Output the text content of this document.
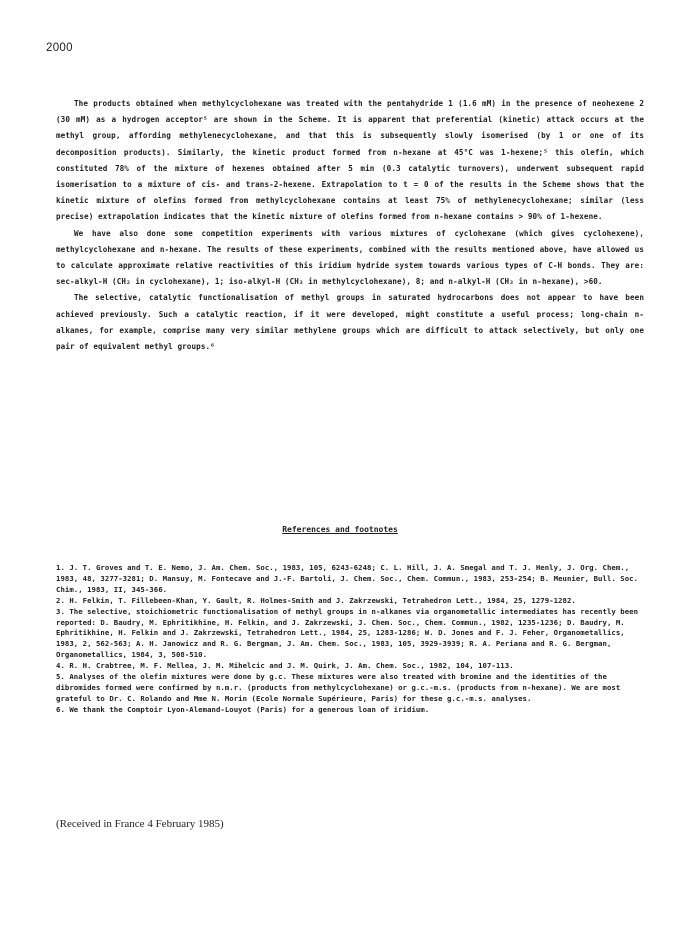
2000

The products obtained when methylcyclohexane was treated with the pentahydride 1 (1.6 mM) in the presence of neohexene 2 (30 mM) as a hydrogen acceptor⁵ are shown in the Scheme. It is apparent that preferential (kinetic) attack occurs at the methyl group, affording methylenecyclohexane, and that this is subsequently slowly isomerised (by 1 or one of its decomposition products). Similarly, the kinetic product formed from n-hexane at 45°C was 1-hexene;⁵ this olefin, which constituted 78% of the mixture of hexenes obtained after 5 min (0.3 catalytic turnovers), underwent subsequent rapid isomerisation to a mixture of cis- and trans-2-hexene. Extrapolation to t = 0 of the results in the Scheme shows that the kinetic mixture of olefins formed from methylcyclohexane contains at least 75% of methylenecyclohexane; similar (less precise) extrapolation indicates that the kinetic mixture of olefins formed from n-hexane contains > 90% of 1-hexene.

We have also done some competition experiments with various mixtures of cyclohexane (which gives cyclohexene), methylcyclohexane and n-hexane. The results of these experiments, combined with the results mentioned above, have allowed us to calculate approximate relative reactivities of this iridium hydride system towards various types of C-H bonds. They are: sec-alkyl-H (CH₂ in cyclohexane), 1; iso-alkyl-H (CH₃ in methylcyclohexane), 8; and n-alkyl-H (CH₃ in n-hexane), >60.

The selective, catalytic functionalisation of methyl groups in saturated hydrocarbons does not appear to have been achieved previously. Such a catalytic reaction, if it were developed, might constitute a useful process; long-chain n-alkanes, for example, comprise many very similar methylene groups which are difficult to attack selectively, but only one pair of equivalent methyl groups.⁶

References and footnotes

1. J. T. Groves and T. E. Nemo, J. Am. Chem. Soc., 1983, 105, 6243-6248; C. L. Hill, J. A. Smegal and T. J. Henly, J. Org. Chem., 1983, 48, 3277-3281; D. Mansuy, M. Fontecave and J.-F. Bartoli, J. Chem. Soc., Chem. Commun., 1983, 253-254; B. Meunier, Bull. Soc. Chim., 1983, II, 345-366.

2. H. Felkin, T. Fillebeen-Khan, Y. Gault, R. Holmes-Smith and J. Zakrzewski, Tetrahedron Lett., 1984, 25, 1279-1282.

3. The selective, stoichiometric functionalisation of methyl groups in n-alkanes via organometallic intermediates has recently been reported: D. Baudry, M. Ephritikhine, H. Felkin, and J. Zakrzewski, J. Chem. Soc., Chem. Commun., 1982, 1235-1236; D. Baudry, M. Ephritikhine, H. Felkin and J. Zakrzewski, Tetrahedron Lett., 1984, 25, 1283-1286; W. D. Jones and F. J. Feher, Organometallics, 1983, 2, 562-563; A. H. Janowicz and R. G. Bergman, J. Am. Chem. Soc., 1983, 105, 3929-3939; R. A. Periana and R. G. Bergman, Organometallics, 1984, 3, 508-510.

4. R. H. Crabtree, M. F. Mellea, J. M. Mihelcic and J. M. Quirk, J. Am. Chem. Soc., 1982, 104, 107-113.

5. Analyses of the olefin mixtures were done by g.c. These mixtures were also treated with bromine and the identities of the dibromides formed were confirmed by n.m.r. (products from methylcyclohexane) or g.c.-m.s. (products from n-hexane). We are most grateful to Dr. C. Rolando and Mme N. Morin (Ecole Normale Supérieure, Paris) for these g.c.-m.s. analyses.

6. We thank the Comptoir Lyon-Alemand-Louyot (Paris) for a generous loan of iridium.

(Received in France 4 February 1985)
